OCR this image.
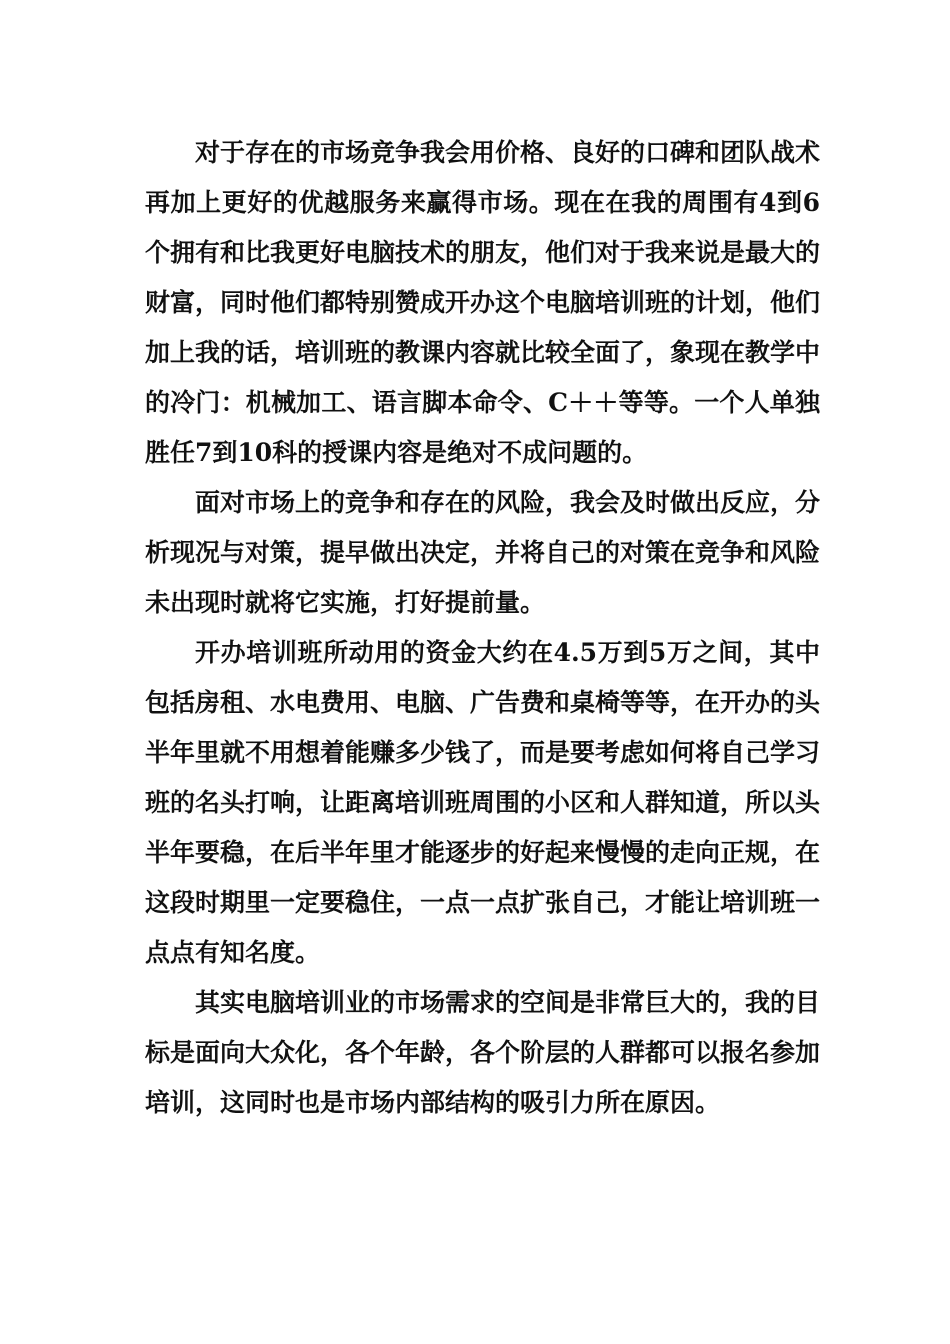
对于存在的市场竞争我会用价格、良好的口碑和团队战术再加上更好的优越服务来赢得市场。现在在我的周围有4到6个拥有和比我更好电脑技术的朋友，他们对于我来说是最大的财富，同时他们都特别赞成开办这个电脑培训班的计划，他们加上我的话，培训班的教课内容就比较全面了，象现在教学中的冷门：机械加工、语言脚本命令、C＋＋等等。一个人单独胜任7到10科的授课内容是绝对不成问题的。

面对市场上的竞争和存在的风险，我会及时做出反应，分析现况与对策，提早做出决定，并将自己的对策在竞争和风险未出现时就将它实施，打好提前量。

开办培训班所动用的资金大约在4.5万到5万之间，其中包括房租、水电费用、电脑、广告费和桌椅等等，在开办的头半年里就不用想着能赚多少钱了，而是要考虑如何将自己学习班的名头打响，让距离培训班周围的小区和人群知道，所以头半年要稳，在后半年里才能逐步的好起来慢慢的走向正规，在这段时期里一定要稳住，一点一点扩张自己，才能让培训班一点点有知名度。

其实电脑培训业的市场需求的空间是非常巨大的，我的目标是面向大众化，各个年龄，各个阶层的人群都可以报名参加培训，这同时也是市场内部结构的吸引力所在原因。
